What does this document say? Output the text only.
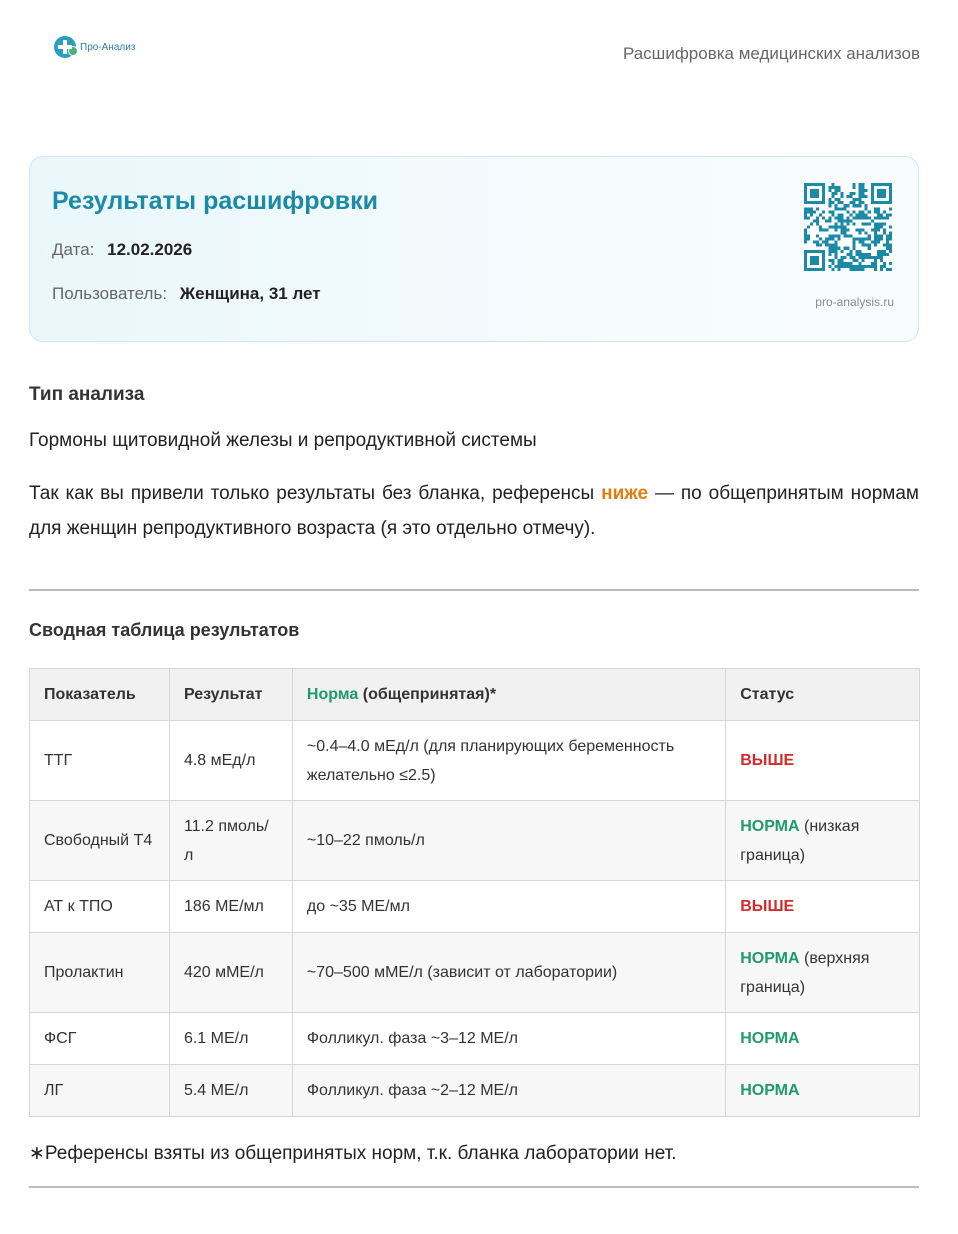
Про-Анализ	Расшифровка медицинских анализов
Результаты расшифровки
Дата: 12.02.2026
Пользователь: Женщина, 31 лет	pro-analysis.ru
Тип анализа
Гормоны щитовидной железы и репродуктивной системы
Так как вы привели только результаты без бланка, референсы ниже — по общепринятым нормам для женщин репродуктивного возраста (я это отдельно отмечу).
Сводная таблица результатов
Показатель	Результат	Норма (общепринятая)*	Статус
ТТГ	4.8 мЕд/л	~0.4–4.0 мЕд/л (для планирующих беременность желательно ≤2.5)	ВЫШЕ
Свободный Т4	11.2 пмоль/л	~10–22 пмоль/л	НОРМА (низкая граница)
АТ к ТПО	186 МЕ/мл	до ~35 МЕ/мл	ВЫШЕ
Пролактин	420 мМЕ/л	~70–500 мМЕ/л (зависит от лаборатории)	НОРМА (верхняя граница)
ФСГ	6.1 МЕ/л	Фолликул. фаза ~3–12 МЕ/л	НОРМА
ЛГ	5.4 МЕ/л	Фолликул. фаза ~2–12 МЕ/л	НОРМА
∗Референсы взяты из общепринятых норм, т.к. бланка лаборатории нет.
